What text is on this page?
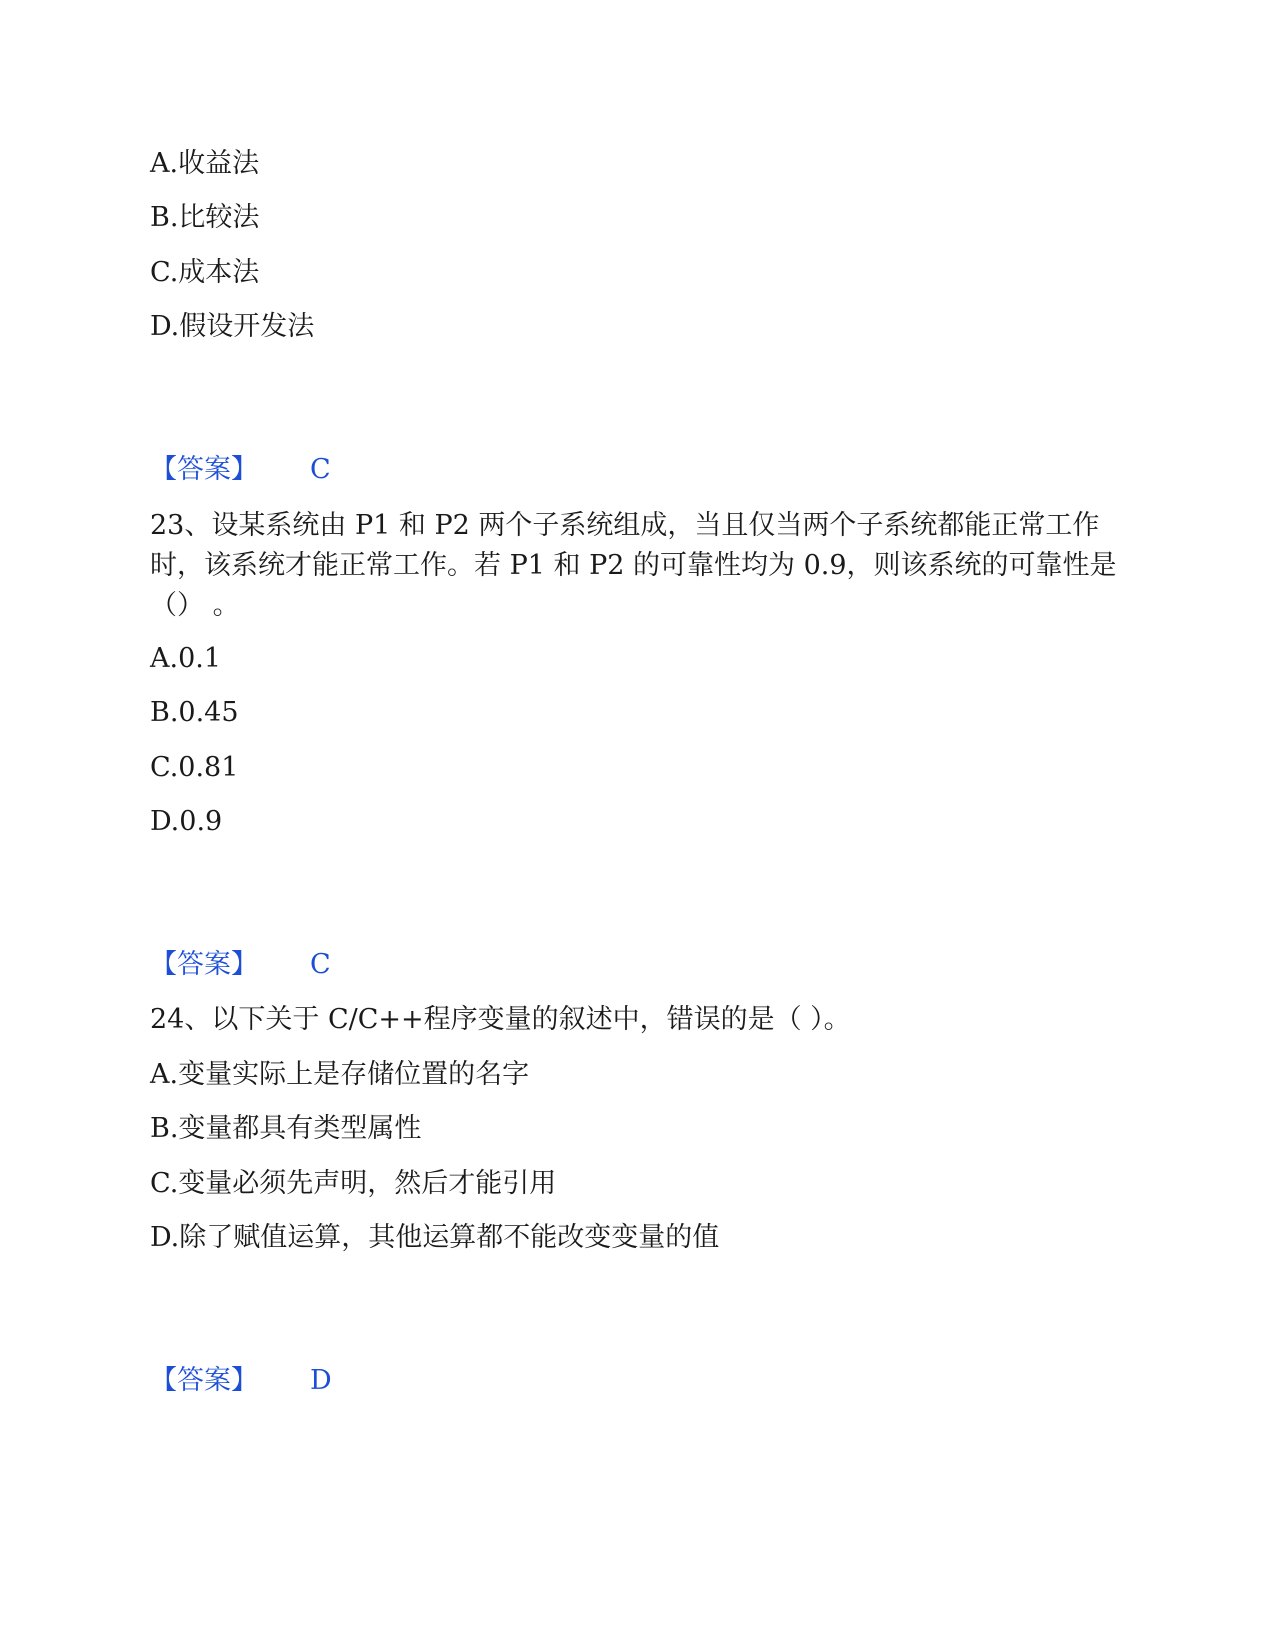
A.收益法
B.比较法
C.成本法
D.假设开发法
【答案】 C
23、设某系统由 P1 和 P2 两个子系统组成，当且仅当两个子系统都能正常工作时，该系统才能正常工作。若 P1 和 P2 的可靠性均为 0.9，则该系统的可靠性是 （） 。
A.0.1
B.0.45
C.0.81
D.0.9
【答案】 C
24、以下关于 C/C++程序变量的叙述中，错误的是（ ）。
A.变量实际上是存储位置的名字
B.变量都具有类型属性
C.变量必须先声明，然后才能引用
D.除了赋值运算，其他运算都不能改变变量的值
【答案】 D
